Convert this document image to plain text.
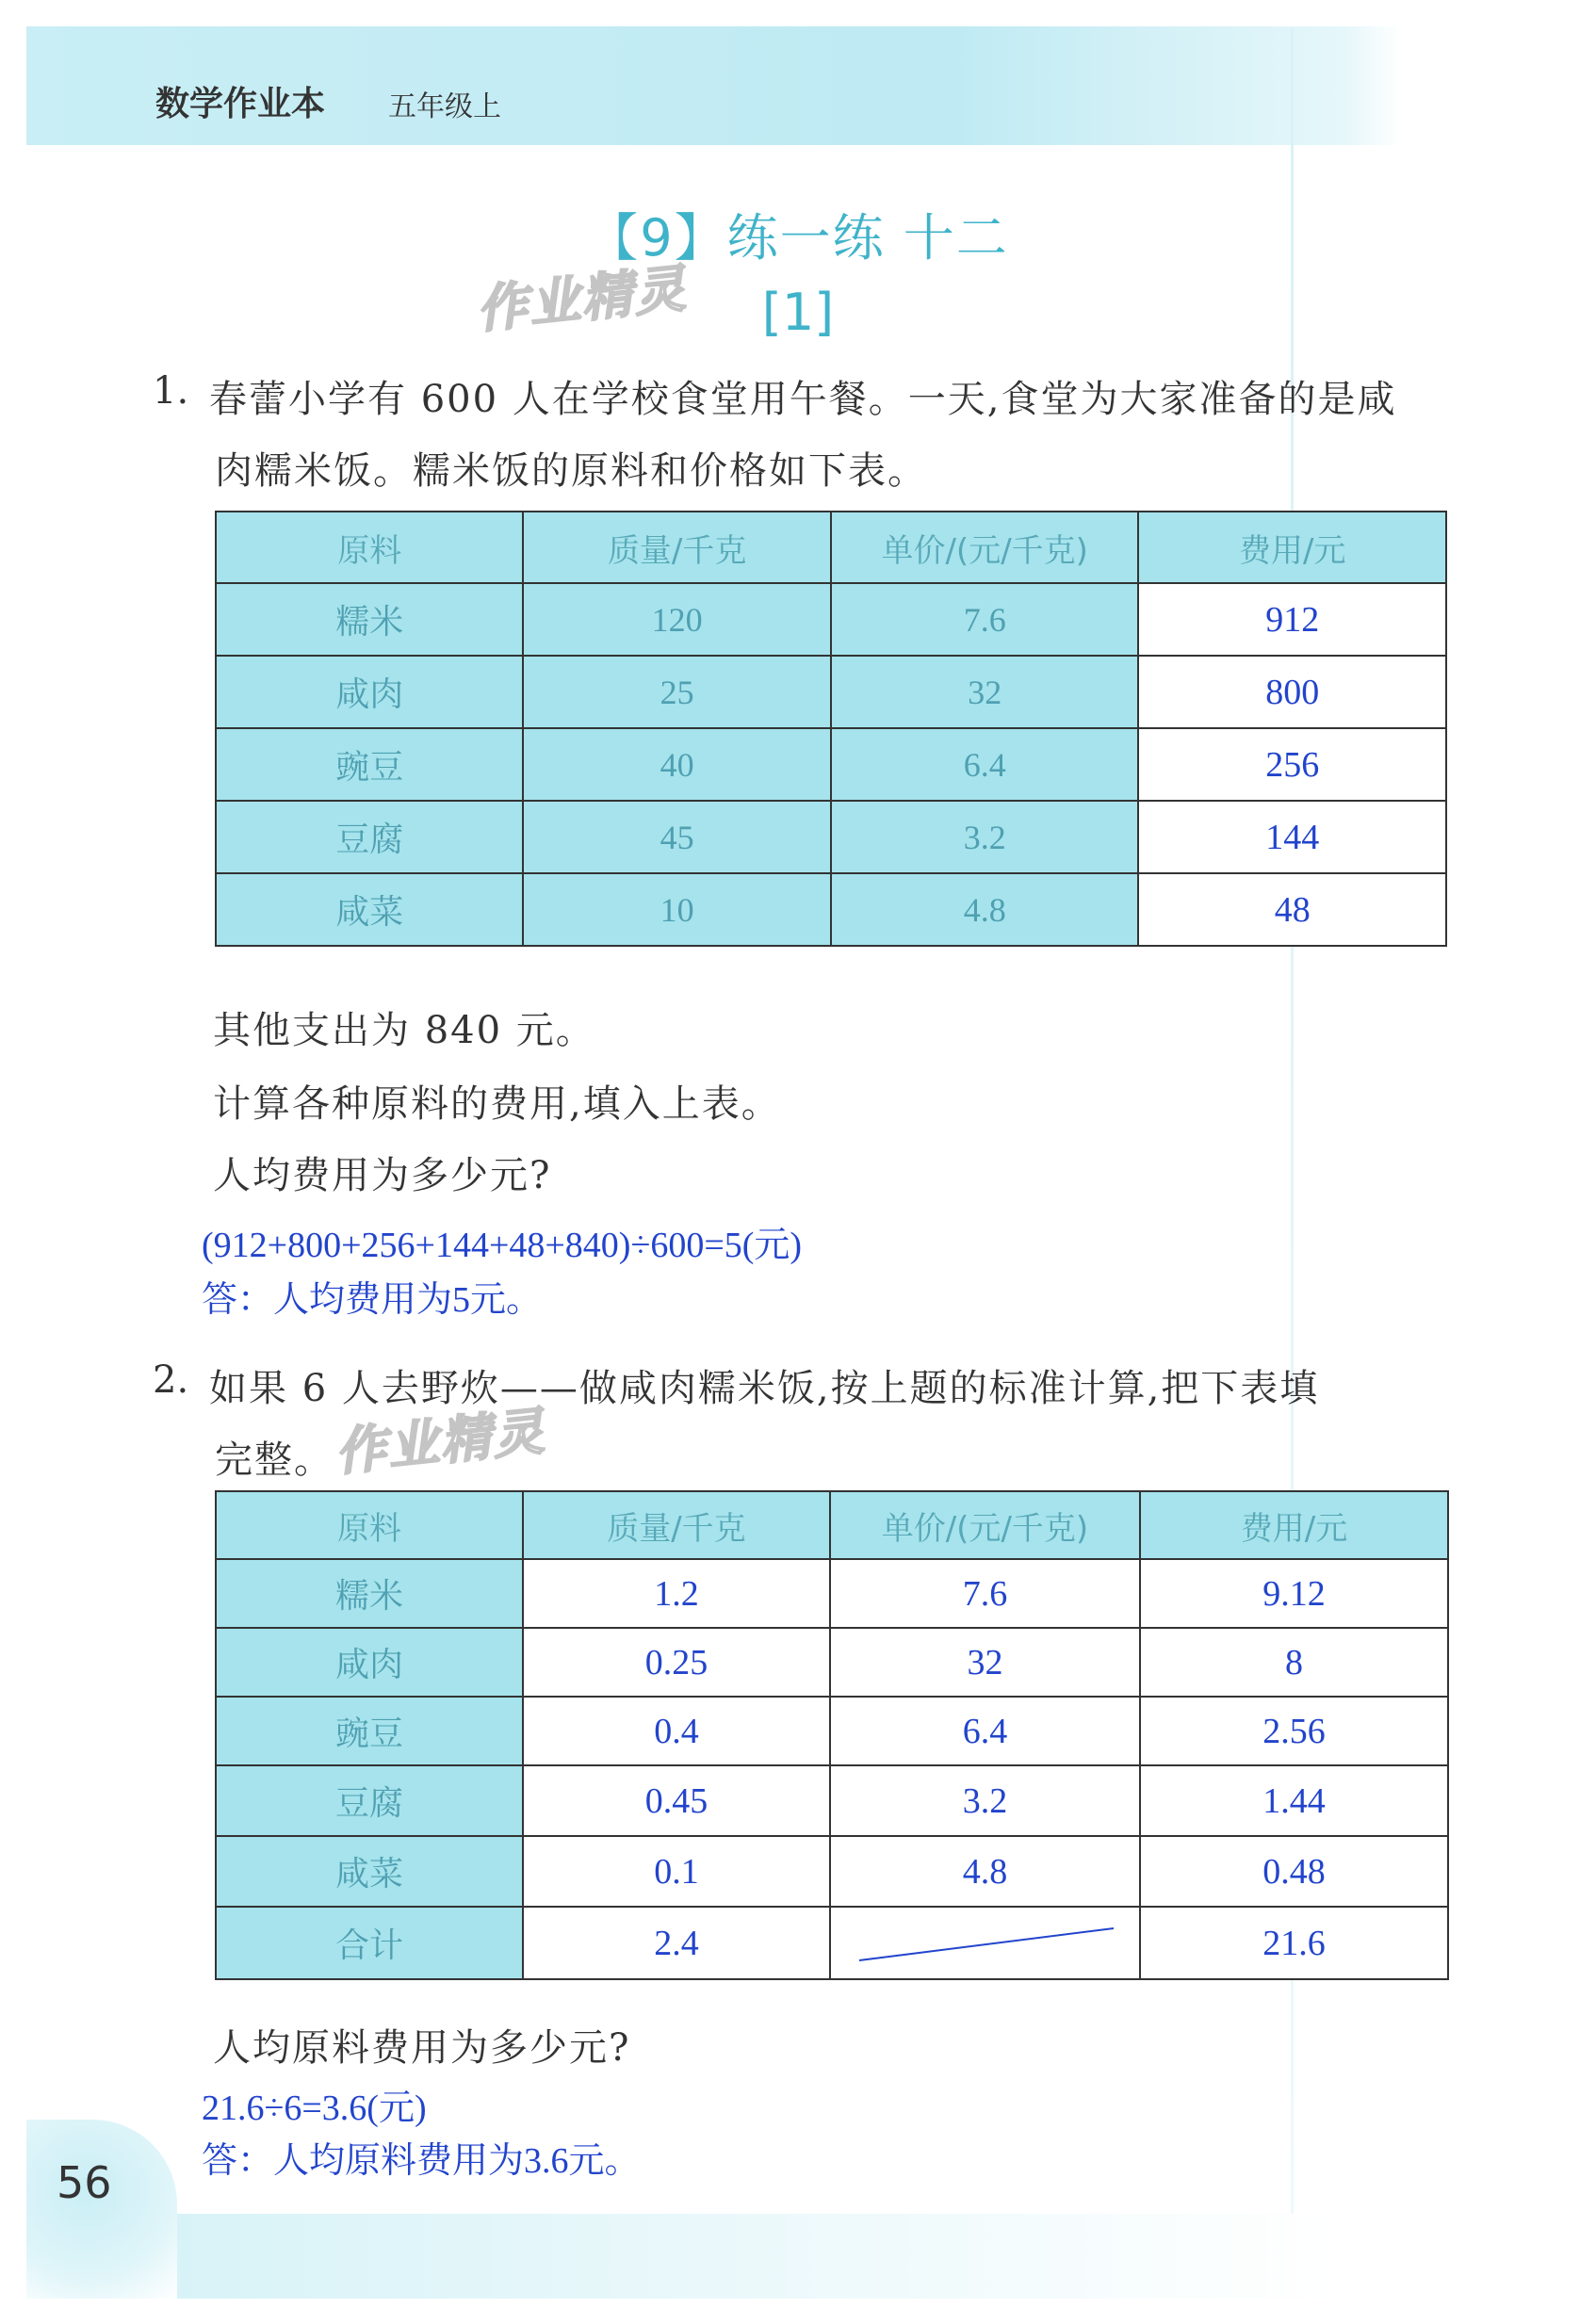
数学作业本 五年级上
【9】练一练 十二
[1]
作业精灵
1. 春蕾小学有 600 人在学校食堂用午餐。一天,食堂为大家准备的是咸
肉糯米饭。糯米饭的原料和价格如下表。
原料	质量/千克	单价/(元/千克)	费用/元
糯米	120	7.6	912
咸肉	25	32	800
豌豆	40	6.4	256
豆腐	45	3.2	144
咸菜	10	4.8	48
其他支出为 840 元。
计算各种原料的费用,填入上表。
人均费用为多少元?
(912+800+256+144+48+840)÷600=5(元)
答：人均费用为5元。
2. 如果 6 人去野炊——做咸肉糯米饭,按上题的标准计算,把下表填
完整。
作业精灵
原料	质量/千克	单价/(元/千克)	费用/元
糯米	1.2	7.6	9.12
咸肉	0.25	32	8
豌豆	0.4	6.4	2.56
豆腐	0.45	3.2	1.44
咸菜	0.1	4.8	0.48
合计	2.4		21.6
人均原料费用为多少元?
21.6÷6=3.6(元)
答：人均原料费用为3.6元。
56
